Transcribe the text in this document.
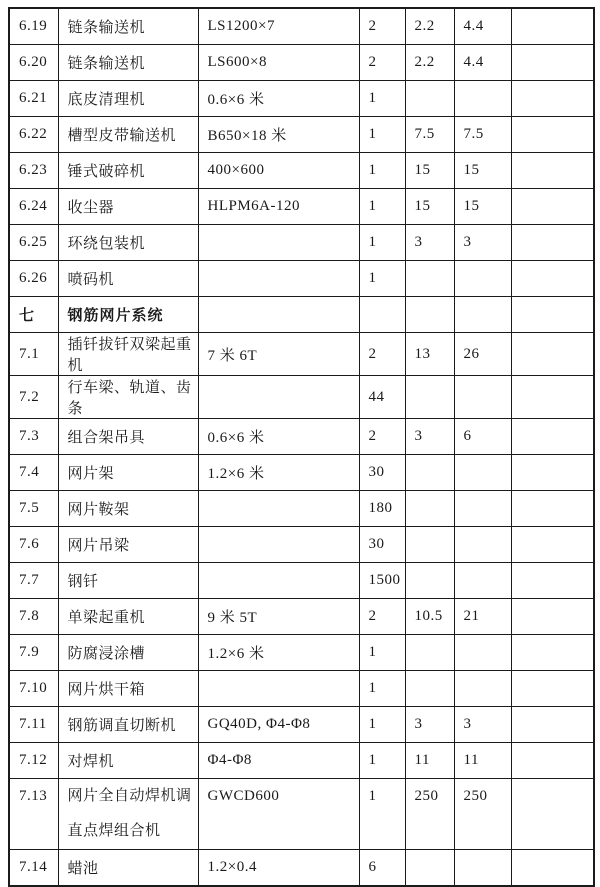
6.19	链条输送机	LS1200×7	2	2.2	4.4	
6.20	链条输送机	LS600×8	2	2.2	4.4	
6.21	底皮清理机	0.6×6 米	1			
6.22	槽型皮带输送机	B650×18 米	1	7.5	7.5	
6.23	锤式破碎机	400×600	1	15	15	
6.24	收尘器	HLPM6A-120	1	15	15	
6.25	环绕包装机		1	3	3	
6.26	喷码机		1			
七	钢筋网片系统					
7.1	插钎拔钎双梁起重机	7 米 6T	2	13	26	
7.2	行车梁、轨道、齿条		44			
7.3	组合架吊具	0.6×6 米	2	3	6	
7.4	网片架	1.2×6 米	30			
7.5	网片鞍架		180			
7.6	网片吊梁		30			
7.7	钢钎		1500			
7.8	单梁起重机	9 米 5T	2	10.5	21	
7.9	防腐浸涂槽	1.2×6 米	1			
7.10	网片烘干箱		1			
7.11	钢筋调直切断机	GQ40D, Φ4-Φ8	1	3	3	
7.12	对焊机	Φ4-Φ8	1	11	11	
7.13	网片全自动焊机调直点焊组合机	GWCD600	1	250	250	
7.14	蜡池	1.2×0.4	6			
